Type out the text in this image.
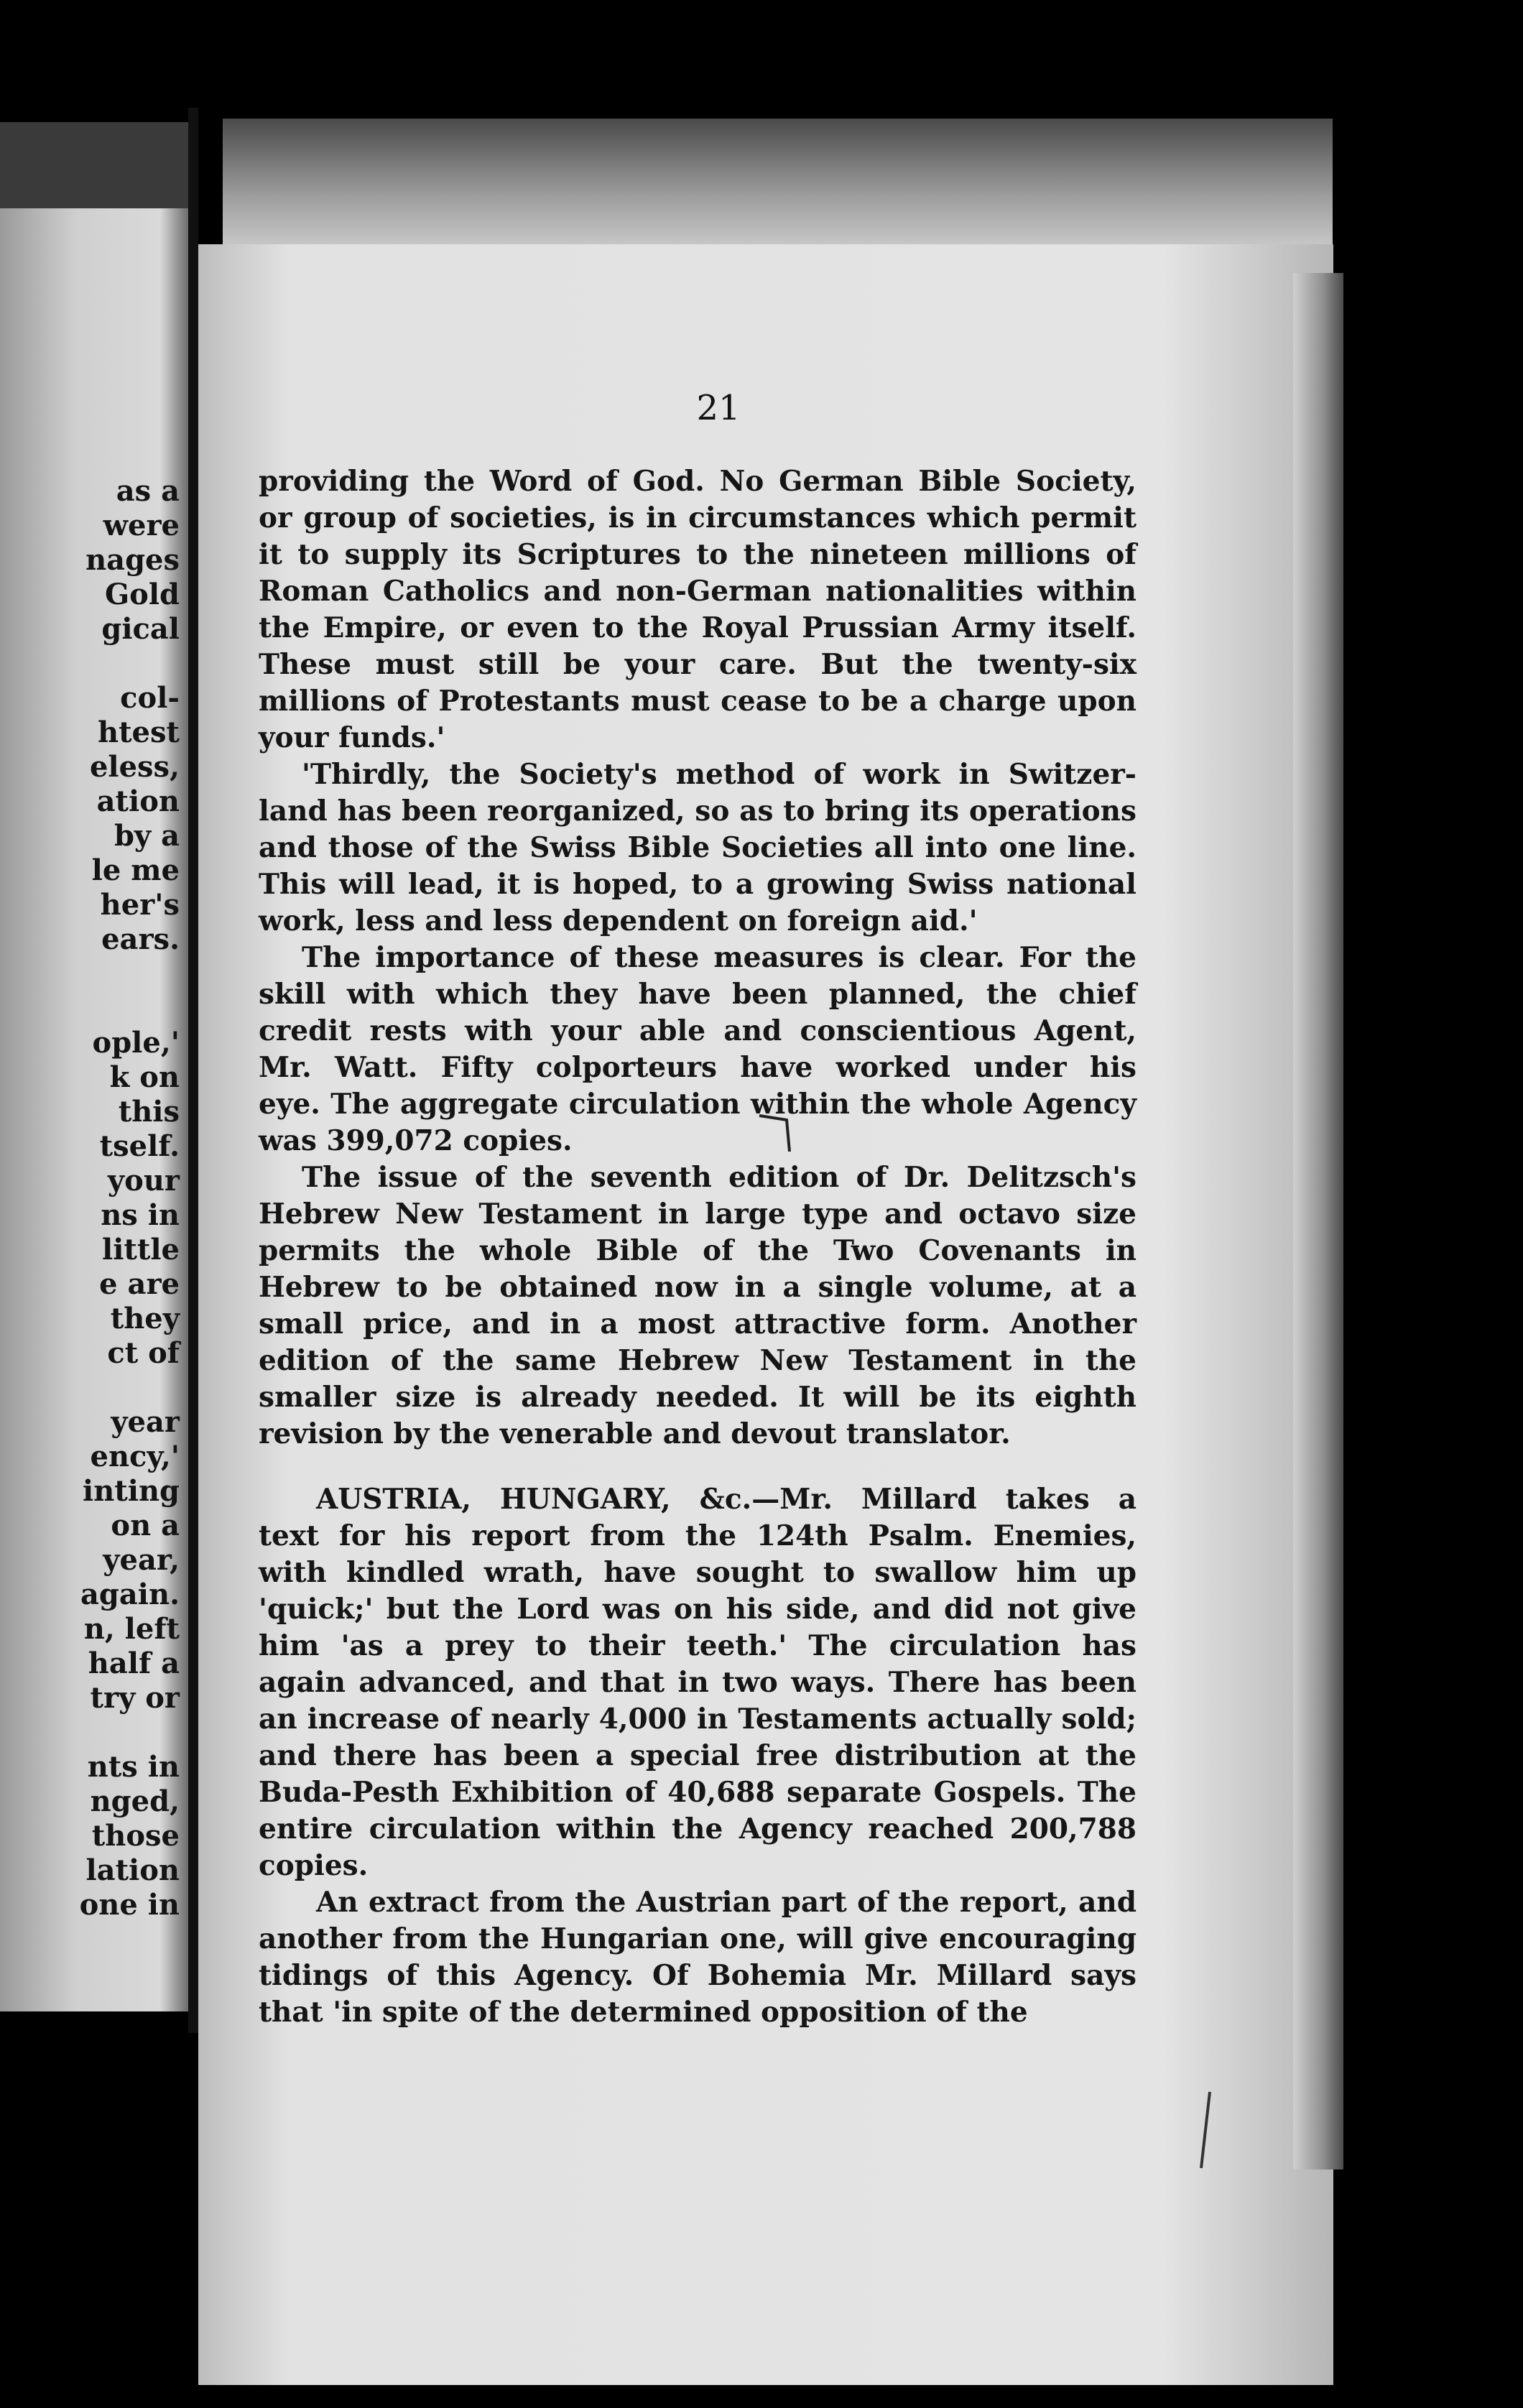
as a
were
nages
Gold
gical
col-
htest
eless,
ation
by a
le me
her's
ears.
ople,'
k on
this
tself.
your
ns in
little
e are
they
ct of
year
ency,'
inting
on a
year,
again.
n, left
half a
try or
nts in
nged,
those
lation
one in
21
providing the Word of God. No German Bible Society,
or group of societies, is in circumstances which permit
it to supply its Scriptures to the nineteen millions of
Roman Catholics and non-German nationalities within
the Empire, or even to the Royal Prussian Army itself.
These must still be your care. But the twenty-six
millions of Protestants must cease to be a charge upon
your funds.'
'Thirdly, the Society's method of work in Switzer-
land has been reorganized, so as to bring its operations
and those of the Swiss Bible Societies all into one line.
This will lead, it is hoped, to a growing Swiss national
work, less and less dependent on foreign aid.'
The importance of these measures is clear. For the
skill with which they have been planned, the chief
credit rests with your able and conscientious Agent,
Mr. Watt. Fifty colporteurs have worked under his
eye. The aggregate circulation within the whole Agency
was 399,072 copies.
The issue of the seventh edition of Dr. Delitzsch's
Hebrew New Testament in large type and octavo size
permits the whole Bible of the Two Covenants in
Hebrew to be obtained now in a single volume, at a
small price, and in a most attractive form. Another
edition of the same Hebrew New Testament in the
smaller size is already needed. It will be its eighth
revision by the venerable and devout translator.
AUSTRIA, HUNGARY, &c.—Mr. Millard takes a
text for his report from the 124th Psalm. Enemies,
with kindled wrath, have sought to swallow him up
'quick;' but the Lord was on his side, and did not give
him 'as a prey to their teeth.' The circulation has
again advanced, and that in two ways. There has been
an increase of nearly 4,000 in Testaments actually sold;
and there has been a special free distribution at the
Buda-Pesth Exhibition of 40,688 separate Gospels. The
entire circulation within the Agency reached 200,788
copies.
An extract from the Austrian part of the report, and
another from the Hungarian one, will give encouraging
tidings of this Agency. Of Bohemia Mr. Millard says
that 'in spite of the determined opposition of the
